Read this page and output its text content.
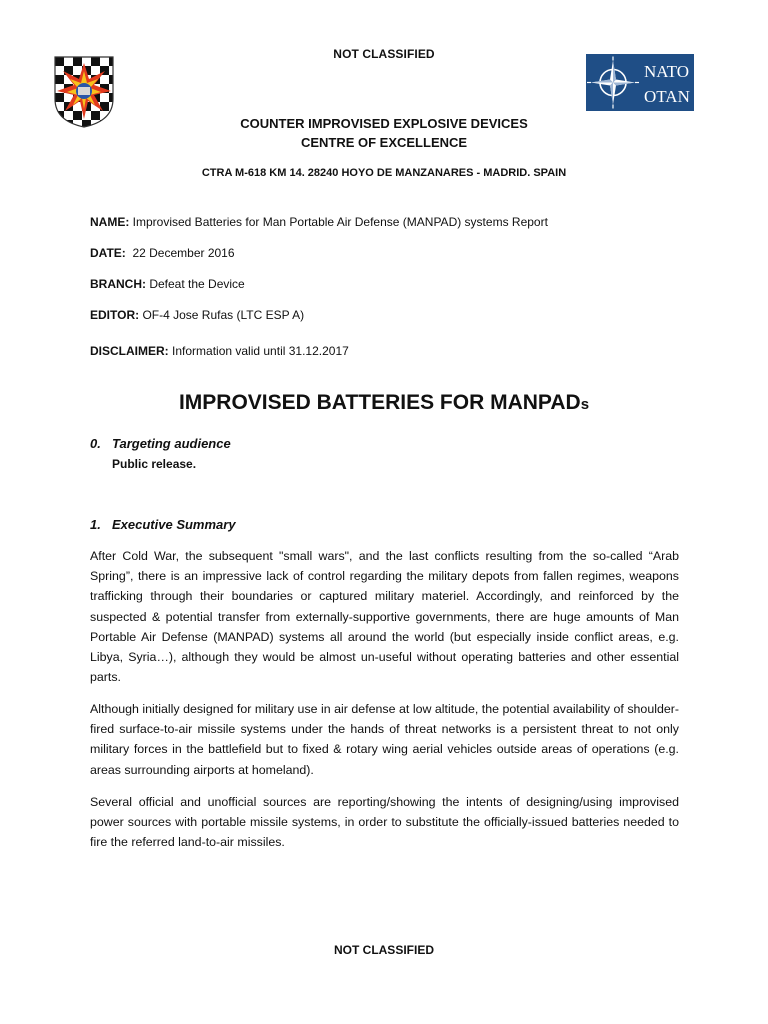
NOT CLASSIFIED
NATO
OTAN
COUNTER IMPROVISED EXPLOSIVE DEVICES
CENTRE OF EXCELLENCE
CTRA M-618 KM 14. 28240 HOYO DE MANZANARES - MADRID. SPAIN
NAME: Improvised Batteries for Man Portable Air Defense (MANPAD) systems Report
DATE:  22 December 2016
BRANCH: Defeat the Device
EDITOR: OF-4 Jose Rufas (LTC ESP A)
DISCLAIMER: Information valid until 31.12.2017
IMPROVISED BATTERIES FOR MANPADs
0. Targeting audience
Public release.
1. Executive Summary
After Cold War, the subsequent "small wars", and the last conflicts resulting from the so-called “Arab Spring”, there is an impressive lack of control regarding the military depots from fallen regimes, weapons trafficking through their boundaries or captured military materiel. Accordingly, and reinforced by the suspected & potential transfer from externally-supportive governments, there are huge amounts of Man Portable Air Defense (MANPAD) systems all around the world (but especially inside conflict areas, e.g. Libya, Syria…), although they would be almost un-useful without operating batteries and other essential parts.
Although initially designed for military use in air defense at low altitude, the potential availability of shoulder-fired surface-to-air missile systems under the hands of threat networks is a persistent threat to not only military forces in the battlefield but to fixed & rotary wing aerial vehicles outside areas of operations (e.g. areas surrounding airports at homeland).
Several official and unofficial sources are reporting/showing the intents of designing/using improvised power sources with portable missile systems, in order to substitute the officially-issued batteries needed to fire the referred land-to-air missiles.
NOT CLASSIFIED
